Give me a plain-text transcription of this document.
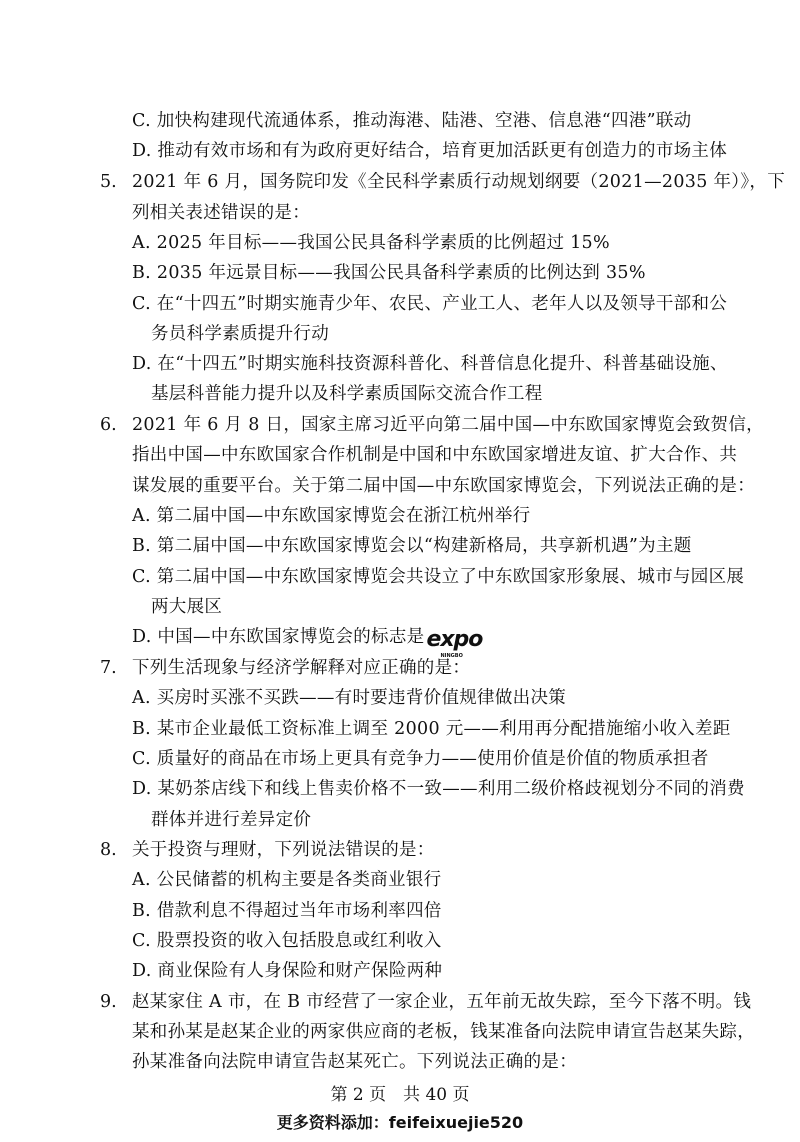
C. 加快构建现代流通体系，推动海港、陆港、空港、信息港“四港”联动
D. 推动有效市场和有为政府更好结合，培育更加活跃更有创造力的市场主体
5. 2021 年 6 月，国务院印发《全民科学素质行动规划纲要（2021—2035 年）》，下
列相关表述错误的是：
A. 2025 年目标——我国公民具备科学素质的比例超过 15%
B. 2035 年远景目标——我国公民具备科学素质的比例达到 35%
C. 在“十四五”时期实施青少年、农民、产业工人、老年人以及领导干部和公
务员科学素质提升行动
D. 在“十四五”时期实施科技资源科普化、科普信息化提升、科普基础设施、
基层科普能力提升以及科学素质国际交流合作工程
6. 2021 年 6 月 8 日，国家主席习近平向第二届中国—中东欧国家博览会致贺信，
指出中国—中东欧国家合作机制是中国和中东欧国家增进友谊、扩大合作、共
谋发展的重要平台。关于第二届中国—中东欧国家博览会，下列说法正确的是：
A. 第二届中国—中东欧国家博览会在浙江杭州举行
B. 第二届中国—中东欧国家博览会以“构建新格局，共享新机遇”为主题
C. 第二届中国—中东欧国家博览会共设立了中东欧国家形象展、城市与园区展
两大展区
D. 中国—中东欧国家博览会的标志是expo
NINGBO
7. 下列生活现象与经济学解释对应正确的是：
A. 买房时买涨不买跌——有时要违背价值规律做出决策
B. 某市企业最低工资标准上调至 2000 元——利用再分配措施缩小收入差距
C. 质量好的商品在市场上更具有竞争力——使用价值是价值的物质承担者
D. 某奶茶店线下和线上售卖价格不一致——利用二级价格歧视划分不同的消费
群体并进行差异定价
8. 关于投资与理财，下列说法错误的是：
A. 公民储蓄的机构主要是各类商业银行
B. 借款利息不得超过当年市场利率四倍
C. 股票投资的收入包括股息或红利收入
D. 商业保险有人身保险和财产保险两种
9. 赵某家住 A 市，在 B 市经营了一家企业，五年前无故失踪，至今下落不明。钱
某和孙某是赵某企业的两家供应商的老板，钱某准备向法院申请宣告赵某失踪，
孙某准备向法院申请宣告赵某死亡。下列说法正确的是：
第 2 页　共 40 页
更多资料添加：feifeixuejie520
